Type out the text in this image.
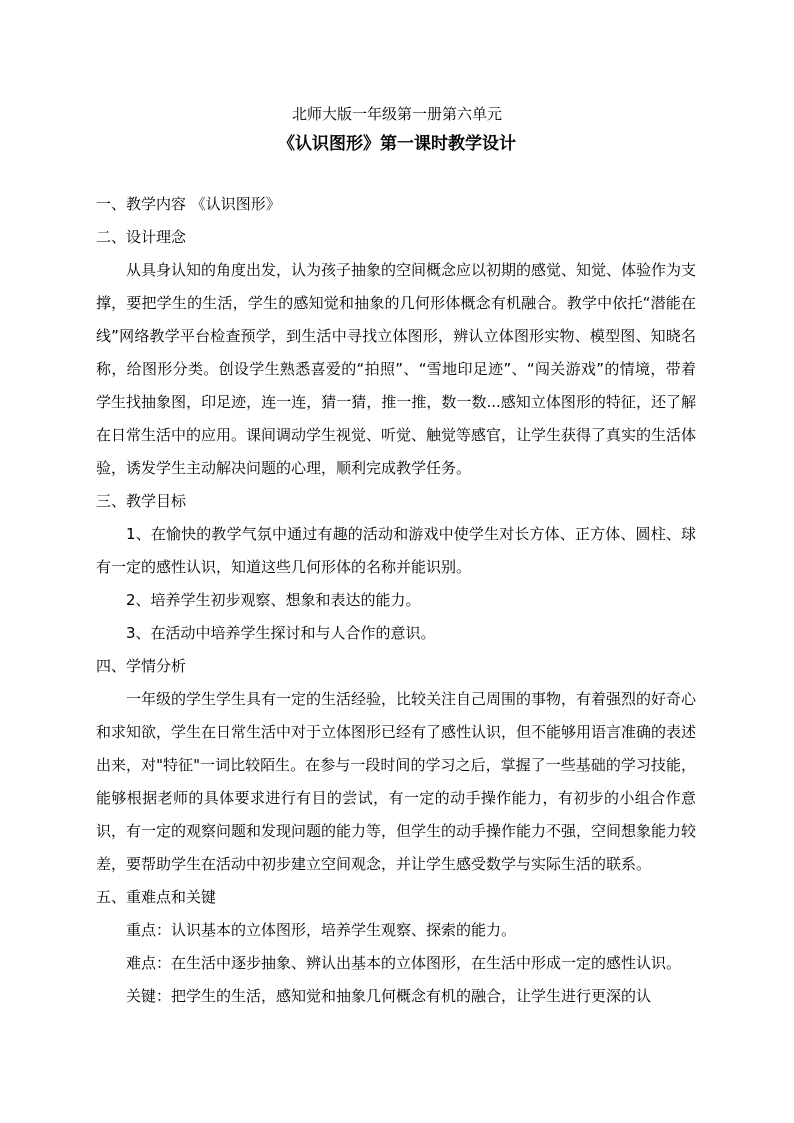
北师大版一年级第一册第六单元
《认识图形》第一课时教学设计

一、教学内容 《认识图形》

二、设计理念

从具身认知的角度出发，认为孩子抽象的空间概念应以初期的感觉、知觉、体验作为支撑，要把学生的生活，学生的感知觉和抽象的几何形体概念有机融合。教学中依托“潜能在线”网络教学平台检查预学，到生活中寻找立体图形，辨认立体图形实物、模型图、知晓名称，给图形分类。创设学生熟悉喜爱的“拍照”、“雪地印足迹”、“闯关游戏”的情境，带着学生找抽象图，印足迹，连一连，猜一猜，推一推，数一数...感知立体图形的特征，还了解在日常生活中的应用。课间调动学生视觉、听觉、触觉等感官，让学生获得了真实的生活体验，诱发学生主动解决问题的心理，顺利完成教学任务。

三、教学目标

1、在愉快的教学气氛中通过有趣的活动和游戏中使学生对长方体、正方体、圆柱、球有一定的感性认识，知道这些几何形体的名称并能识别。

2、培养学生初步观察、想象和表达的能力。

3、在活动中培养学生探讨和与人合作的意识。

四、学情分析

一年级的学生学生具有一定的生活经验，比较关注自己周围的事物，有着强烈的好奇心和求知欲，学生在日常生活中对于立体图形已经有了感性认识，但不能够用语言准确的表述出来，对"特征"一词比较陌生。在参与一段时间的学习之后，掌握了一些基础的学习技能，能够根据老师的具体要求进行有目的尝试，有一定的动手操作能力，有初步的小组合作意识，有一定的观察问题和发现问题的能力等，但学生的动手操作能力不强，空间想象能力较差，要帮助学生在活动中初步建立空间观念，并让学生感受数学与实际生活的联系。

五、重难点和关键

重点：认识基本的立体图形，培养学生观察、探索的能力。

难点：在生活中逐步抽象、辨认出基本的立体图形，在生活中形成一定的感性认识。

关键：把学生的生活，感知觉和抽象几何概念有机的融合，让学生进行更深的认
